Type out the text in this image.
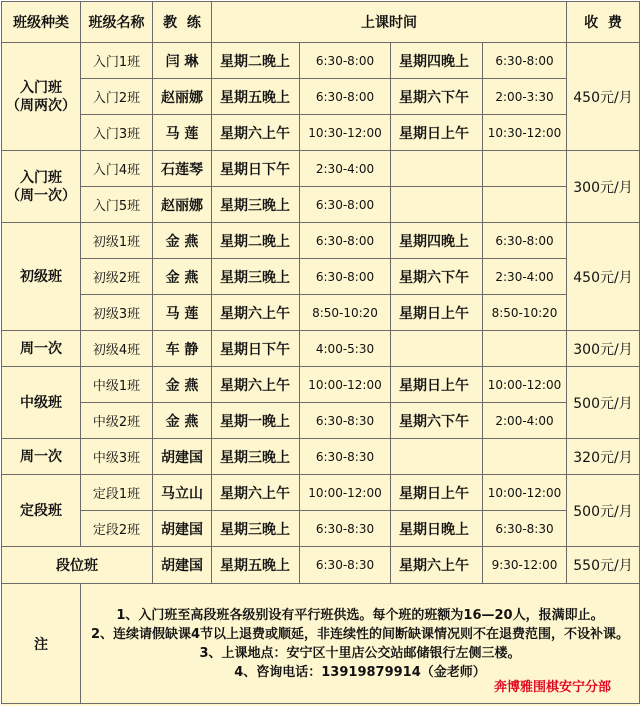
班级种类	班级名称	教  练	上课时间				收  费

入门班
（周两次）	入门1班	闫 琳	星期二晚上	6:30-8:00	星期四晚上	6:30-8:00	450元/月
	入门2班	赵丽娜	星期五晚上	6:30-8:00	星期六下午	2:00-3:30	
	入门3班	马 莲	星期六上午	10:30-12:00	星期日上午	10:30-12:00	

入门班
（周一次）	入门4班	石莲琴	星期日下午	2:30-4:00			300元/月
	入门5班	赵丽娜	星期三晚上	6:30-8:00			

初级班	初级1班	金 燕	星期二晚上	6:30-8:00	星期四晚上	6:30-8:00	450元/月
	初级2班	金 燕	星期三晚上	6:30-8:00	星期六下午	2:30-4:00	
	初级3班	马 莲	星期六上午	8:50-10:20	星期日上午	8:50-10:20	

周一次	初级4班	车 静	星期日下午	4:00-5:30			300元/月

中级班	中级1班	金 燕	星期六上午	10:00-12:00	星期日上午	10:00-12:00	500元/月
	中级2班	金 燕	星期一晚上	6:30-8:30	星期六下午	2:00-4:00	

周一次	中级3班	胡建国	星期三晚上	6:30-8:30			320元/月

定段班	定段1班	马立山	星期六上午	10:00-12:00	星期日上午	10:00-12:00	500元/月
	定段2班	胡建国	星期三晚上	6:30-8:30	星期日晚上	6:30-8:30	
段位班		胡建国	星期五晚上	6:30-8:30	星期六上午	9:30-12:00	550元/月
注	1、入门班至高段班各级别设有平行班供选。每个班的班额为16—20人，报满即止。

2、连续请假缺课4节以上退费或顺延，非连续性的间断缺课情况则不在退费范围，不设补课。

3、上课地点：安宁区十里店公交站邮储银行左侧三楼。

4、咨询电话：13919879914（金老师）

奔博雅围棋安宁分部						
